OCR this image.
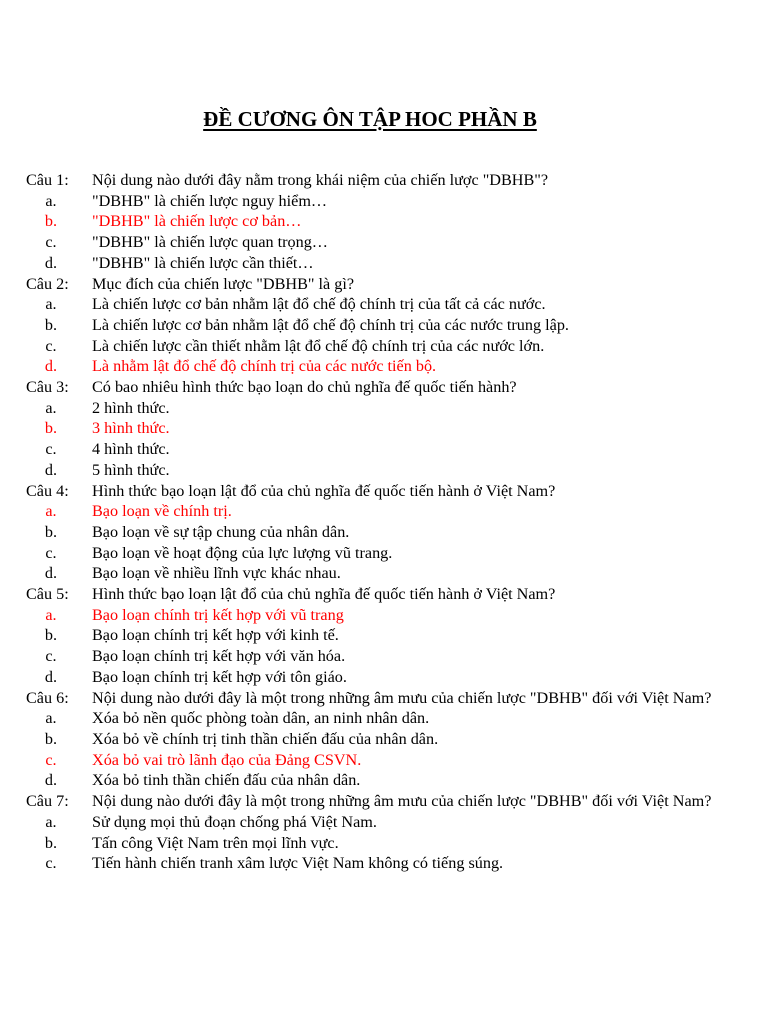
ĐỀ CƯƠNG ÔN TẬP HOC PHẦN B
Câu 1:	Nội dung nào dưới đây nằm trong khái niệm của chiến lược "DBHB"?
a.	"DBHB" là chiến lược nguy hiểm…
b.	"DBHB" là chiến lược cơ bản…
c.	"DBHB" là chiến lược quan trọng…
d.	"DBHB" là chiến lược cần thiết…
Câu 2:	Mục đích của chiến lược "DBHB" là gì?
a.	Là chiến lược cơ bản nhằm lật đổ chế độ chính trị của tất cả các nước.
b.	Là chiến lược cơ bản nhằm lật đổ chế độ chính trị của các nước trung lập.
c.	Là chiến lược cần thiết nhằm lật đổ chế độ chính trị của các nước lớn.
d.	Là nhằm lật đổ chế độ chính trị của các nước tiến bộ.
Câu 3:	Có bao nhiêu hình thức bạo loạn do chủ nghĩa đế quốc tiến hành?
a.	2 hình thức.
b.	3 hình thức.
c.	4 hình thức.
d.	5 hình thức.
Câu 4:	Hình thức bạo loạn lật đổ của chủ nghĩa đế quốc tiến hành ở Việt Nam?
a.	Bạo loạn về chính trị.
b.	Bạo loạn về sự tập chung của nhân dân.
c.	Bạo loạn về hoạt động của lực lượng vũ trang.
d.	Bạo loạn về nhiều lĩnh vực khác nhau.
Câu 5:	Hình thức bạo loạn lật đổ của chủ nghĩa đế quốc tiến hành ở Việt Nam?
a.	Bạo loạn chính trị kết hợp với vũ trang
b.	Bạo loạn chính trị kết hợp với kinh tế.
c.	Bạo loạn chính trị kết hợp với văn hóa.
d.	Bạo loạn chính trị kết hợp với tôn giáo.
Câu 6:	Nội dung nào dưới đây là một trong những âm mưu của chiến lược "DBHB" đối với Việt Nam?
a.	Xóa bỏ nền quốc phòng toàn dân, an ninh nhân dân.
b.	Xóa bỏ về chính trị tinh thần chiến đấu của nhân dân.
c.	Xóa bỏ vai trò lãnh đạo của Đảng CSVN.
d.	Xóa bỏ tinh thần chiến đấu của nhân dân.
Câu 7:	Nội dung nào dưới đây là một trong những âm mưu của chiến lược "DBHB" đối với Việt Nam?
a.	Sử dụng mọi thủ đoạn chống phá Việt Nam.
b.	Tấn công Việt Nam trên mọi lĩnh vực.
c.	Tiến hành chiến tranh xâm lược Việt Nam không có tiếng súng.
